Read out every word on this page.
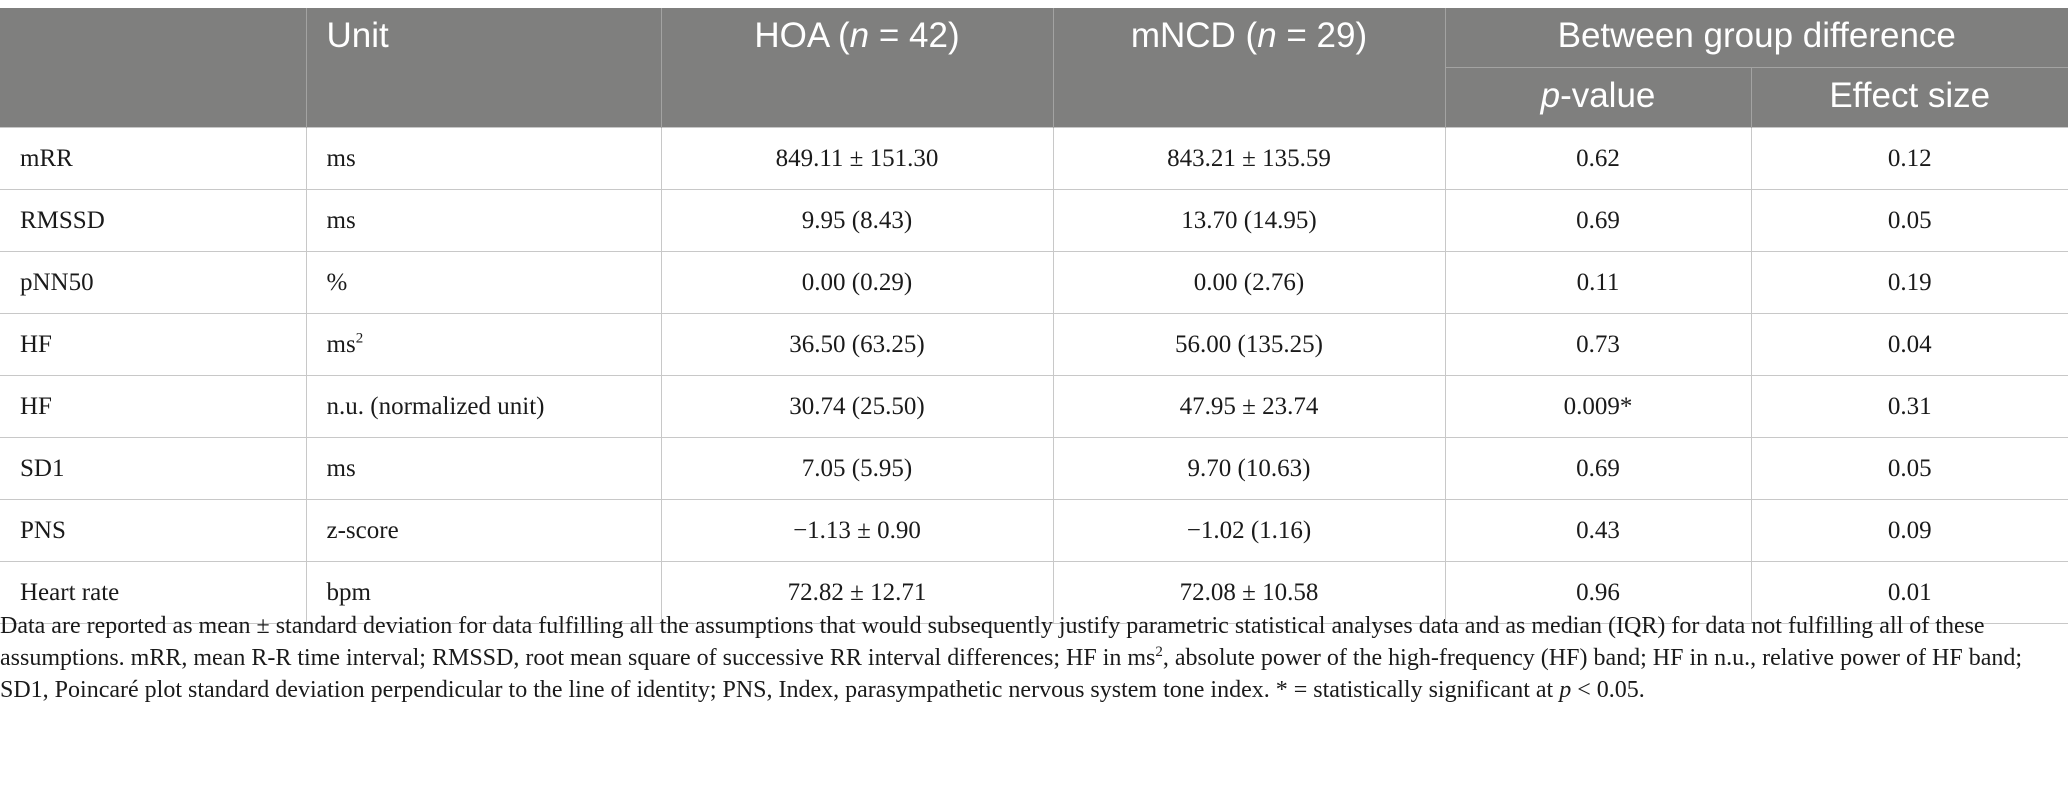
	Unit	HOA (n = 42)	mNCD (n = 29)	Between group difference	
				p-value	Effect size
mRR	ms	849.11 ± 151.30	843.21 ± 135.59	0.62	0.12
RMSSD	ms	9.95 (8.43)	13.70 (14.95)	0.69	0.05
pNN50	%	0.00 (0.29)	0.00 (2.76)	0.11	0.19
HF	$ms^2$	36.50 (63.25)	56.00 (135.25)	0.73	0.04
HF	n.u. (normalized unit)	30.74 (25.50)	47.95 ± 23.74	0.009*	0.31
SD1	ms	7.05 (5.95)	9.70 (10.63)	0.69	0.05
PNS	z-score	−1.13 ± 0.90	−1.02 (1.16)	0.43	0.09
Heart rate	bpm	72.82 ± 12.71	72.08 ± 10.58	0.96	0.01

Data are reported as mean ± standard deviation for data fulfilling all the assumptions that would subsequently justify parametric statistical analyses data and as median (IQR) for data not fulfilling all of these assumptions. mRR, mean R-R time interval; RMSSD, root mean square of successive RR interval differences; HF in $ms^2$, absolute power of the high-frequency (HF) band; HF in n.u., relative power of HF band; SD1, Poincaré plot standard deviation perpendicular to the line of identity; PNS, Index, parasympathetic nervous system tone index. * = statistically significant at p < 0.05.
